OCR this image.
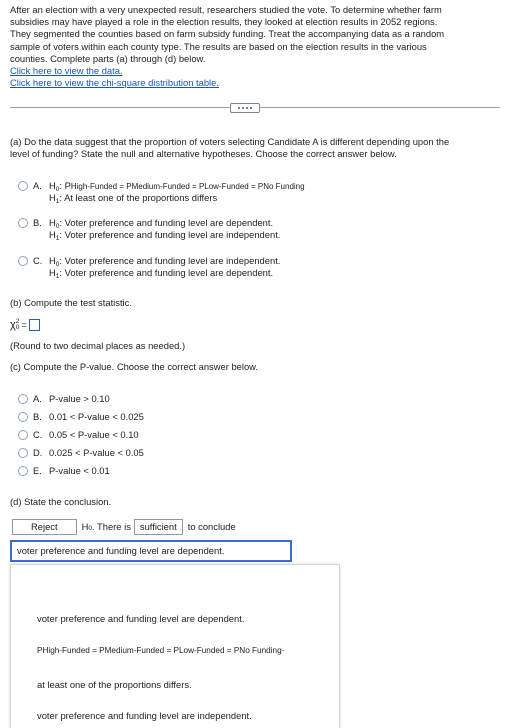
After an election with a very unexpected result, researchers studied the vote. To determine whether farm

subsidies may have played a role in the election results, they looked at election results in 2052 regions.

They segmented the counties based on farm subsidy funding. Treat the accompanying data as a random

sample of voters within each county type. The results are based on the election results in the various

counties. Complete parts (a) through (d) below.

Click here to view the data.
Click here to view the chi-square distribution table.
(a) Do the data suggest that the proportion of voters selecting Candidate A is different depending upon the
level of funding? State the null and alternative hypotheses. Choose the correct answer below.
A. $H_0$: PHigh-Funded = PMedium-Funded = PLow-Funded = PNo Funding
$H_1$: At least one of the proportions differs
B. $H_0$: Voter preference and funding level are dependent.
$H_1$: Voter preference and funding level are independent.
C. $H_0$: Voter preference and funding level are independent.
$H_1$: Voter preference and funding level are dependent.
(b) Compute the test statistic.
χ 2
0 =
(Round to two decimal places as needed.)
(c) Compute the P-value. Choose the correct answer below.
A. P-value > 0.10
B. 0.01 < P-value < 0.025
C. 0.05 < P-value < 0.10
D. 0.025 < P-value < 0.05
E. P-value < 0.01
(d) State the conclusion.
Reject	H 0 . There is sufficient	to conclude
voter preference and funding level are dependent.
voter preference and funding level are dependent.
PHigh-Funded = PMedium-Funded = PLow-Funded = PNo Funding·
at least one of the proportions differs.
voter preference and funding level are independent.
